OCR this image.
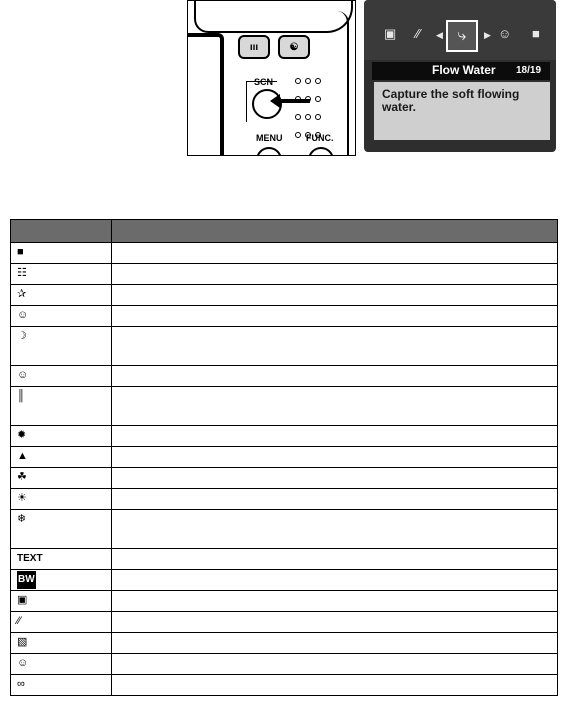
ııı	☯
SCN

MENU	FUNC.
▣ ⁄⁄ ◀ ⤷	▶ ☺ ■
Flow Water 18/19
Capture the soft flowing water.

■	
☷	
✰	
☺	
☽	
☺	
║	
✹	
▲	
☘	
☀	
❄	
TEXT	
BW	
▣	
⁄⁄	
▧	
☺	
∞	
